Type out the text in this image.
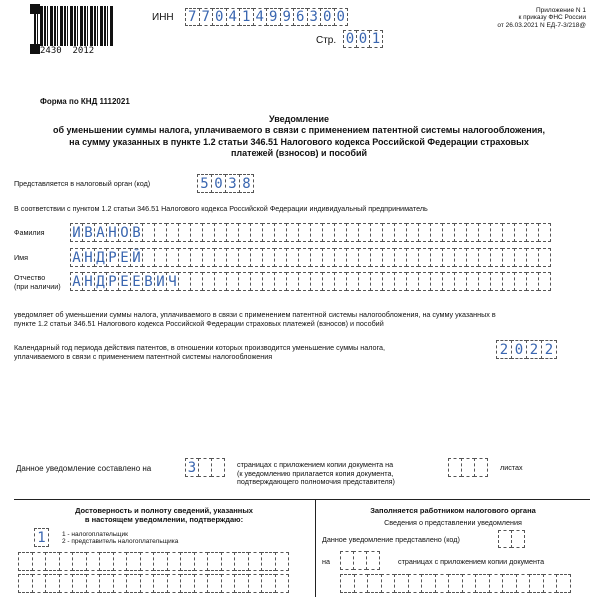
2430  2012
ИНН 7 7 0 4 1 4 9 9 6 3 0 0
Стр. 0 0 1
Приложение N 1
к приказу ФНС России
от 26.03.2021 N ЕД-7-3/218@
Форма по КНД 1112021
Уведомление
об уменьшении суммы налога, уплачиваемого в связи с применением патентной системы налогообложения,
на сумму указанных в пункте 1.2 статьи 346.51 Налогового кодекса Российской Федерации страховых
платежей (взносов) и пособий
Представляется в налоговый орган (код)	5 0 3 8
В соответствии с пунктом 1.2 статьи 346.51 Налогового кодекса Российской Федерации индивидуальный предприниматель
Фамилия И В А Н О В
Имя	А Н Д Р Е Й
Отчество
(при наличии) А Н Д Р Е Е В И Ч
уведомляет об уменьшении суммы налога, уплачиваемого в связи с применением патентной системы налогообложения, на сумму указанных в
пункте 1.2 статьи 346.51 Налогового кодекса Российской Федерации страховых платежей (взносов) и пособий
Календарный год периода действия патентов, в отношении которых производится уменьшение суммы налога,
уплачиваемого в связи с применением патентной системы налогообложения	2 0 2 2
Данное уведомление составлено на	3	страницах с приложением копии документа на
(к уведомлению прилагается копия документа,
подтверждающего полномочия представителя)
листах
Достоверность и полноту сведений, указанных
в настоящем уведомлении, подтверждаю:
1	1 - налогоплательщик
2 - представитель налогоплательщика
Заполняется работником налогового органа
Сведения о представлении уведомления
Данное уведомление представлено (код)
на	страницах с приложением копии документа
